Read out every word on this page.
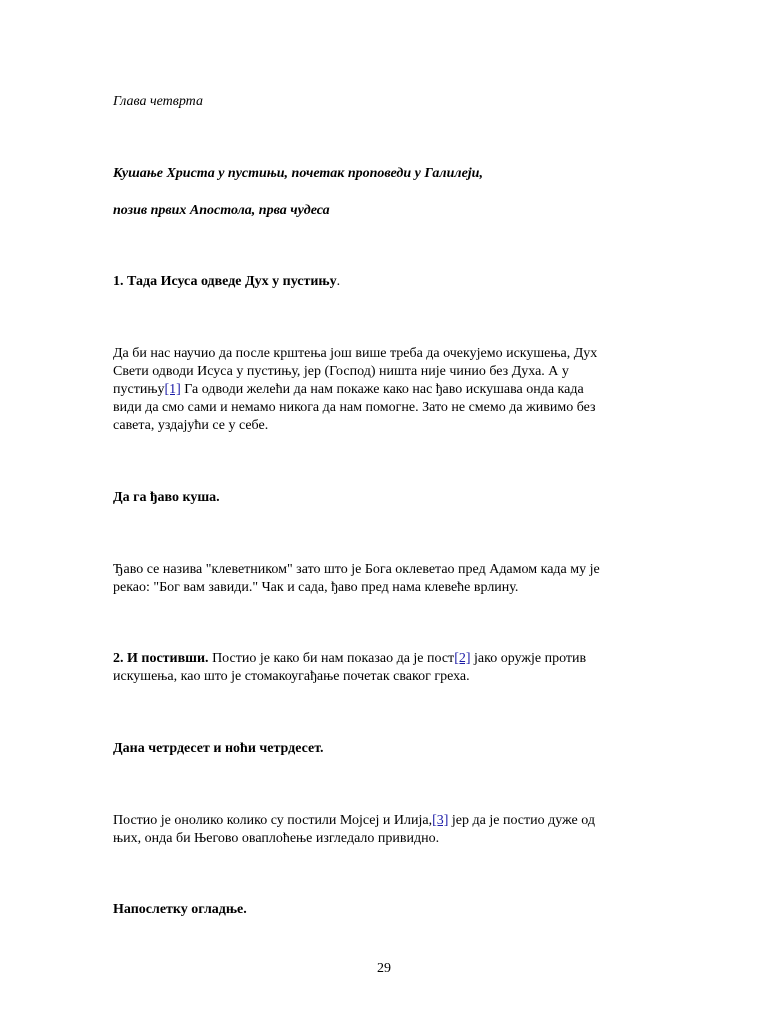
Глава четврта
Кушање Христа у пустињи, почетак проповеди у Галилеји,
позив првих Апостола, прва чудеса
1. Тада Исуса одведе Дух у пустињу.
Да би нас научио да после крштења још више треба да очекујемо искушења, Дух
Свети одводи Исуса у пустињу, јер (Господ) ништа није чинио без Духа. А у
пустињу[1] Га одводи желећи да нам покаже како нас ђаво искушава онда када
види да смо сами и немамо никога да нам помогне. Зато не смемо да живимо без
савета, уздајући се у себе.
Да га ђаво куша.
Ђаво се назива "клеветником" зато што је Бога оклеветао пред Адамом када му је
рекао: "Бог вам завиди." Чак и сада, ђаво пред нама клевеће врлину.
2. И постивши. Постио је како би нам показао да је пост[2] јако оружје против
искушења, као што је стомакоугађање почетак сваког греха.
Дана четрдесет и ноћи четрдесет.
Постио је онолико колико су постили Мојсеј и Илија,[3] јер да је постио дуже од
њих, онда би Његово оваплоћење изгледало привидно.
Напослетку огладње.
29
